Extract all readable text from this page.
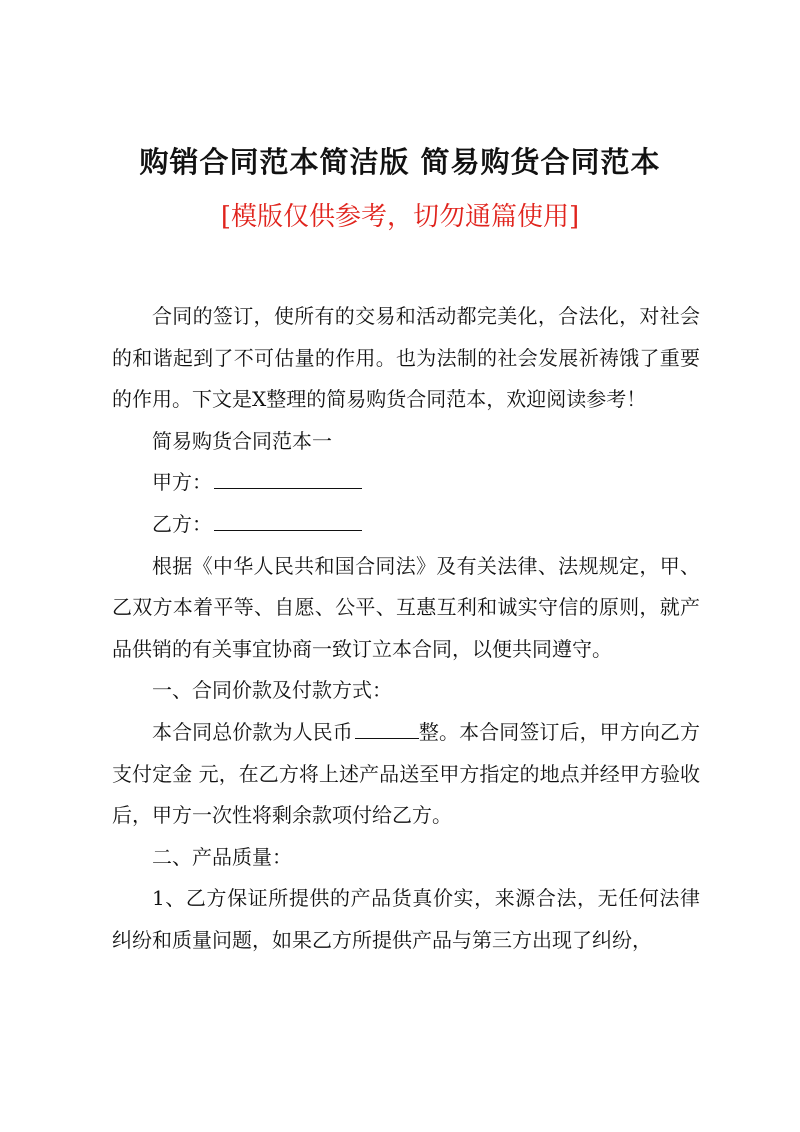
购销合同范本简洁版 简易购货合同范本
[模版仅供参考，切勿通篇使用]

合同的签订，使所有的交易和活动都完美化，合法化，对社会的和谐起到了不可估量的作用。也为法制的社会发展祈祷饿了重要的作用。下文是X整理的简易购货合同范本，欢迎阅读参考！

简易购货合同范本一

甲方：

乙方：

根据《中华人民共和国合同法》及有关法律、法规规定，甲、乙双方本着平等、自愿、公平、互惠互利和诚实守信的原则，就产品供销的有关事宜协商一致订立本合同，以便共同遵守。

一、合同价款及付款方式：

本合同总价款为人民币	整。本合同签订后，甲方向乙方支付定金 元，在乙方将上述产品送至甲方指定的地点并经甲方验收后，甲方一次性将剩余款项付给乙方。

二、产品质量：

1、乙方保证所提供的产品货真价实，来源合法，无任何法律纠纷和质量问题，如果乙方所提供产品与第三方出现了纠纷，
